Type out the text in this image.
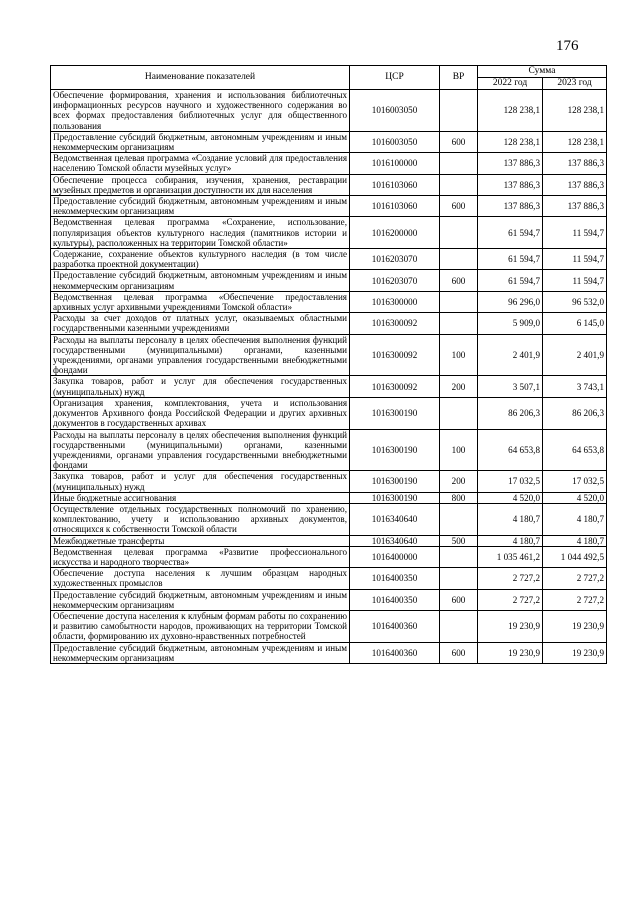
176
Наименование показателей	ЦСР	ВР	Сумма	
			2022 год	2023 год
Обеспечение формирования, хранения и использования библиотечных информационных ресурсов научного и художественного содержания во всех формах предоставления библиотечных услуг для общественного пользования	1016003050		128 238,1	128 238,1
Предоставление субсидий бюджетным, автономным учреждениям и иным некоммерческим организациям	1016003050	600	128 238,1	128 238,1
Ведомственная целевая программа «Создание условий для предоставления населению Томской области музейных услуг»	1016100000		137 886,3	137 886,3
Обеспечение процесса собирания, изучения, хранения, реставрации музейных предметов и организация доступности их для населения	1016103060		137 886,3	137 886,3
Предоставление субсидий бюджетным, автономным учреждениям и иным некоммерческим организациям	1016103060	600	137 886,3	137 886,3
Ведомственная целевая программа «Сохранение, использование, популяризация объектов культурного наследия (памятников истории и культуры), расположенных на территории Томской области»	1016200000		61 594,7	11 594,7
Содержание, сохранение объектов культурного наследия (в том числе разработка проектной документации)	1016203070		61 594,7	11 594,7
Предоставление субсидий бюджетным, автономным учреждениям и иным некоммерческим организациям	1016203070	600	61 594,7	11 594,7
Ведомственная целевая программа «Обеспечение предоставления архивных услуг архивными учреждениями Томской области»	1016300000		96 296,0	96 532,0
Расходы за счет доходов от платных услуг, оказываемых областными государственными казенными учреждениями	1016300092		5 909,0	6 145,0
Расходы на выплаты персоналу в целях обеспечения выполнения функций государственными (муниципальными) органами, казенными учреждениями, органами управления государственными внебюджетными фондами	1016300092	100	2 401,9	2 401,9
Закупка товаров, работ и услуг для обеспечения государственных (муниципальных) нужд	1016300092	200	3 507,1	3 743,1
Организация хранения, комплектования, учета и использования документов Архивного фонда Российской Федерации и других архивных документов в государственных архивах	1016300190		86 206,3	86 206,3
Расходы на выплаты персоналу в целях обеспечения выполнения функций государственными (муниципальными) органами, казенными учреждениями, органами управления государственными внебюджетными фондами	1016300190	100	64 653,8	64 653,8
Закупка товаров, работ и услуг для обеспечения государственных (муниципальных) нужд	1016300190	200	17 032,5	17 032,5
Иные бюджетные ассигнования	1016300190	800	4 520,0	4 520,0
Осуществление отдельных государственных полномочий по хранению, комплектованию, учету и использованию архивных документов, относящихся к собственности Томской области	1016340640		4 180,7	4 180,7
Межбюджетные трансферты	1016340640	500	4 180,7	4 180,7
Ведомственная целевая программа «Развитие профессионального искусства и народного творчества»	1016400000		1 035 461,2	1 044 492,5
Обеспечение доступа населения к лучшим образцам народных художественных промыслов	1016400350		2 727,2	2 727,2
Предоставление субсидий бюджетным, автономным учреждениям и иным некоммерческим организациям	1016400350	600	2 727,2	2 727,2
Обеспечение доступа населения к клубным формам работы по сохранению и развитию самобытности народов, проживающих на территории Томской области, формированию их духовно-нравственных потребностей	1016400360		19 230,9	19 230,9
Предоставление субсидий бюджетным, автономным учреждениям и иным некоммерческим организациям	1016400360	600	19 230,9	19 230,9
